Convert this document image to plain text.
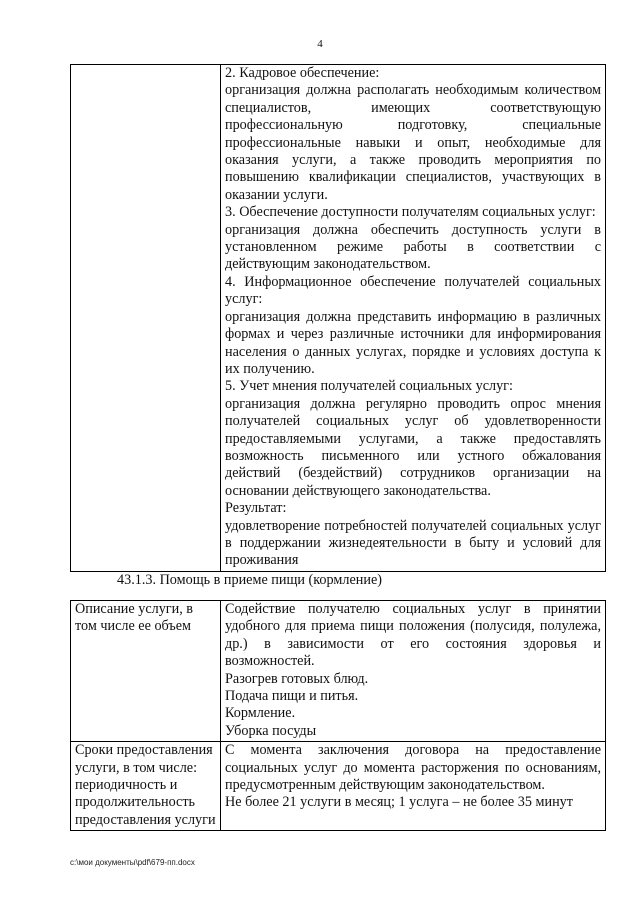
4

2. Кадровое обеспечение:
организация должна располагать необходимым количеством специалистов, имеющих соответствующую профессиональную подготовку, специальные профессиональные навыки и опыт, необходимые для оказания услуги, а также проводить мероприятия по повышению квалификации специалистов, участвующих в оказании услуги.
3. Обеспечение доступности получателям социальных услуг:
организация должна обеспечить доступность услуги в установленном режиме работы в соответствии с действующим законодательством.
4. Информационное обеспечение получателей социальных услуг:
организация должна представить информацию в различных формах и через различные источники для информирования населения о данных услугах, порядке и условиях доступа к их получению.
5. Учет мнения получателей социальных услуг:
организация должна регулярно проводить опрос мнения получателей социальных услуг об удовлетворенности предоставляемыми услугами, а также предоставлять возможность письменного или устного обжалования действий (бездействий) сотрудников организации на основании действующего законодательства.
Результат:
удовлетворение потребностей получателей социальных услуг в поддержании жизнедеятельности в быту и условий для проживания
43.1.3. Помощь в приеме пищи (кормление)
Описание услуги, в том числе ее объем	Содействие получателю социальных услуг в принятии удобного для приема пищи положения (полусидя, полулежа, др.) в зависимости от его состояния здоровья и возможностей.
Разогрев готовых блюд.
Подача пищи и питья.
Кормление.
Уборка посуды

Сроки предоставления услуги, в том числе: периодичность и продолжительность предоставления услуги	С момента заключения договора на предоставление социальных услуг до момента расторжения по основаниям, предусмотренным действующим законодательством.
Не более 21 услуги в месяц; 1 услуга – не более 35 минут
c:\мои документы\pdf\679-пп.docx
